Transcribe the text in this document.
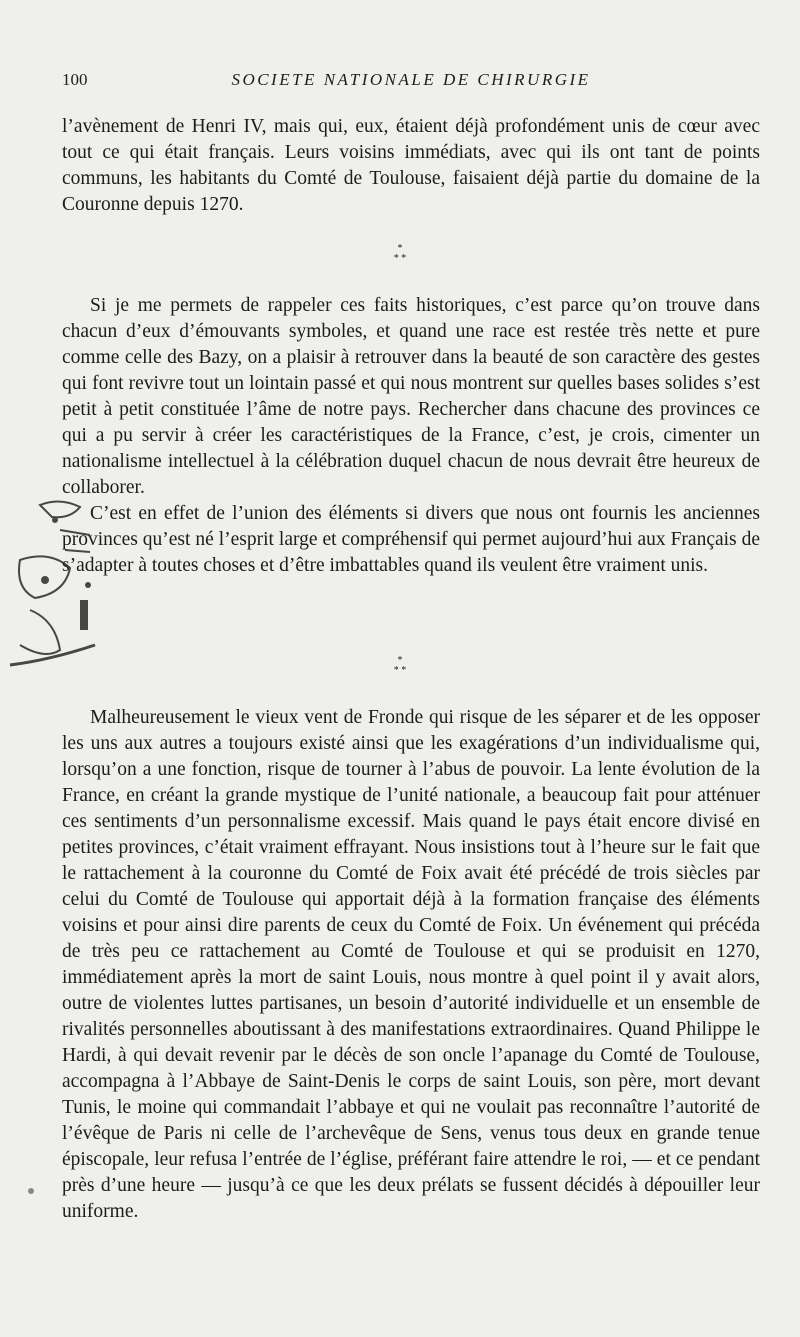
100	SOCIETE NATIONALE DE CHIRURGIE

l’avènement de Henri IV, mais qui, eux, étaient déjà profondément unis de cœur avec tout ce qui était français. Leurs voisins immédiats, avec qui ils ont tant de points communs, les habitants du Comté de Toulouse, faisaient déjà partie du domaine de la Couronne depuis 1270.

*
* *

Si je me permets de rappeler ces faits historiques, c’est parce qu’on trouve dans chacun d’eux d’émouvants symboles, et quand une race est restée très nette et pure comme celle des Bazy, on a plaisir à retrouver dans la beauté de son caractère des gestes qui font revivre tout un lointain passé et qui nous montrent sur quelles bases solides s’est petit à petit constituée l’âme de notre pays. Rechercher dans chacune des provinces ce qui a pu servir à créer les caractéristiques de la France, c’est, je crois, cimenter un nationalisme intellectuel à la célébration duquel chacun de nous devrait être heureux de collaborer.

C’est en effet de l’union des éléments si divers que nous ont fournis les anciennes provinces qu’est né l’esprit large et compréhensif qui permet aujourd’hui aux Français de s’adapter à toutes choses et d’être imbattables quand ils veulent être vraiment unis.

*
* *

Malheureusement le vieux vent de Fronde qui risque de les séparer et de les opposer les uns aux autres a toujours existé ainsi que les exagérations d’un individualisme qui, lorsqu’on a une fonction, risque de tourner à l’abus de pouvoir. La lente évolution de la France, en créant la grande mystique de l’unité nationale, a beaucoup fait pour atténuer ces sentiments d’un personnalisme excessif. Mais quand le pays était encore divisé en petites provinces, c’était vraiment effrayant. Nous insistions tout à l’heure sur le fait que le rattachement à la couronne du Comté de Foix avait été précédé de trois siècles par celui du Comté de Toulouse qui apportait déjà à la formation française des éléments voisins et pour ainsi dire parents de ceux du Comté de Foix. Un événement qui précéda de très peu ce rattachement au Comté de Toulouse et qui se produisit en 1270, immédiatement après la mort de saint Louis, nous montre à quel point il y avait alors, outre de violentes luttes partisanes, un besoin d’autorité individuelle et un ensemble de rivalités personnelles aboutissant à des manifestations extraordinaires. Quand Philippe le Hardi, à qui devait revenir par le décès de son oncle l’apanage du Comté de Toulouse, accompagna à l’Abbaye de Saint-Denis le corps de saint Louis, son père, mort devant Tunis, le moine qui commandait l’abbaye et qui ne voulait pas reconnaître l’autorité de l’évêque de Paris ni celle de l’archevêque de Sens, venus tous deux en grande tenue épiscopale, leur refusa l’entrée de l’église, préférant faire attendre le roi, — et ce pendant près d’une heure — jusqu’à ce que les deux prélats se fussent décidés à dépouiller leur uniforme.
